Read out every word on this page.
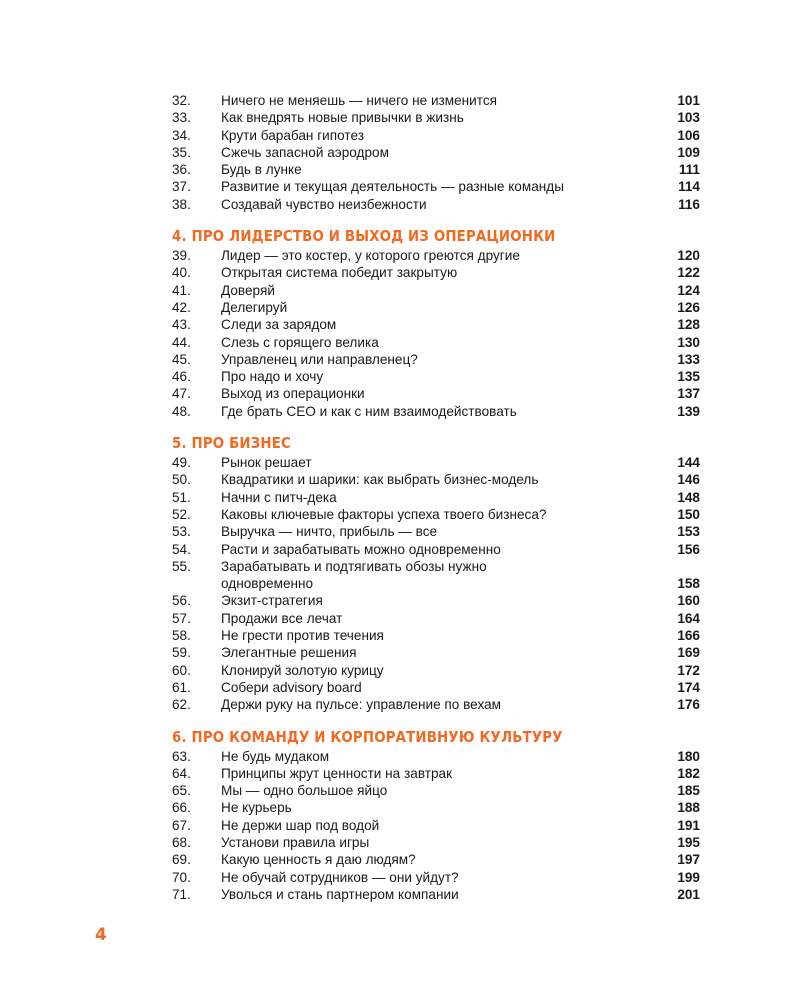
32.	Ничего не меняешь — ничего не изменится	101
33.	Как внедрять новые привычки в жизнь	103
34.	Крути барабан гипотез	106
35.	Сжечь запасной аэродром	109
36.	Будь в лунке	111
37.	Развитие и текущая деятельность — разные команды	114
38.	Создавай чувство неизбежности	116
4. ПРО ЛИДЕРСТВО И ВЫХОД ИЗ ОПЕРАЦИОНКИ
39.	Лидер — это костер, у которого греются другие	120
40.	Открытая система победит закрытую	122
41.	Доверяй	124
42.	Делегируй	126
43.	Следи за зарядом	128
44.	Слезь с горящего велика	130
45.	Управленец или направленец?	133
46.	Про надо и хочу	135
47.	Выход из операционки	137
48.	Где брать CEO и как с ним взаимодействовать	139
5. ПРО БИЗНЕС
49.	Рынок решает	144
50.	Квадратики и шарики: как выбрать бизнес-модель	146
51.	Начни с питч-дека	148
52.	Каковы ключевые факторы успеха твоего бизнеса?	150
53.	Выручка — ничто, прибыль — все	153
54.	Расти и зарабатывать можно одновременно	156
55.	Зарабатывать и подтягивать обозы нужно одновременно	158
56.	Экзит-стратегия	160
57.	Продажи все лечат	164
58.	Не грести против течения	166
59.	Элегантные решения	169
60.	Клонируй золотую курицу	172
61.	Собери advisory board	174
62.	Держи руку на пульсе: управление по вехам	176
6. ПРО КОМАНДУ И КОРПОРАТИВНУЮ КУЛЬТУРУ
63.	Не будь мудаком	180
64.	Принципы жрут ценности на завтрак	182
65.	Мы — одно большое яйцо	185
66.	Не курьерь	188
67.	Не держи шар под водой	191
68.	Установи правила игры	195
69.	Какую ценность я даю людям?	197
70.	Не обучай сотрудников — они уйдут?	199
71.	Уволься и стань партнером компании	201
4
